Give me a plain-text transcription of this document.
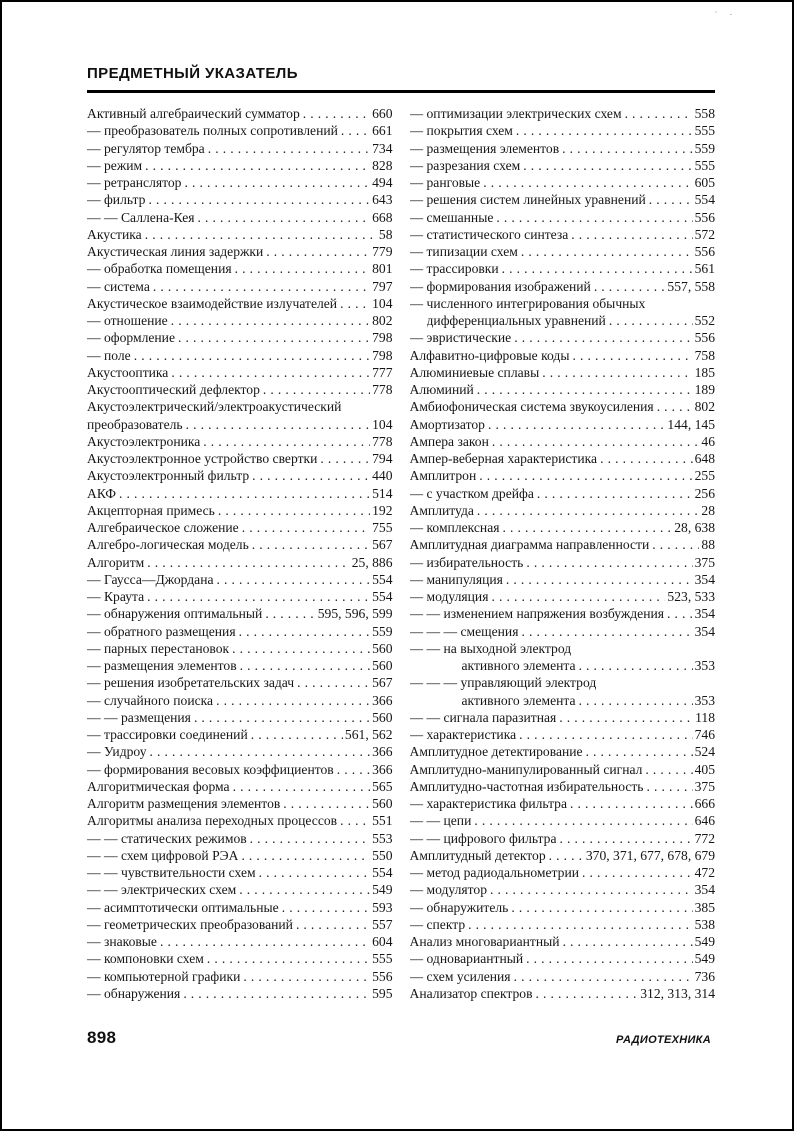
· .
ПРЕДМЕТНЫЙ УКАЗАТЕЛЬ
Активный алгебраический сумматор .....	660
— преобразователь полных сопротивлений .....	661
— регулятор тембра .....	734
— режим .....	828
— ретранслятор .....	494
— фильтр .....	643
— — Саллена-Кея .....	668
Акустика .....	58
Акустическая линия задержки .....	779
— обработка помещения .....	801
— система .....	797
Акустическое взаимодействие излучателей .....	104
— отношение .....	802
— оформление .....	798
— поле .....	798
Акустооптика .....	777
Акустооптический дефлектор .....	778
Акустоэлектрический/электроакустический
преобразователь .....	104
Акустоэлектроника .....	778
Акустоэлектронное устройство свертки .....	794
Акустоэлектронный фильтр .....	440
АКФ .....	514
Акцепторная примесь .....	192
Алгебраическое сложение .....	755
Алгебро-логическая модель .....	567
Алгоритм .....	25, 886
— Гаусса—Джордана .....	554
— Краута .....	554
— обнаружения оптимальный .....	595, 596, 599
— обратного размещения .....	559
— парных перестановок .....	560
— размещения элементов .....	560
— решения изобретательских задач .....	567
— случайного поиска .....	366
— — размещения .....	560
— трассировки соединений .....	561, 562
— Уидроу .....	366
— формирования весовых коэффициентов .....	366
Алгоритмическая форма .....	565
Алгоритм размещения элементов .....	560
Алгоритмы анализа переходных процессов .....	551
— — статических режимов .....	553
— — схем цифровой РЭА .....	550
— — чувствительности схем .....	554
— — электрических схем .....	549
— асимптотически оптимальные .....	593
— геометрических преобразований .....	557
— знаковые .....	604
— компоновки схем .....	555
— компьютерной графики .....	556
— обнаружения .....	595
— оптимизации электрических схем .....	558
— покрытия схем .....	555
— размещения элементов .....	559
— разрезания схем .....	555
— ранговые .....	605
— решения систем линейных уравнений .....	554
— смешанные .....	556
— статистического синтеза .....	572
— типизации схем .....	556
— трассировки .....	561
— формирования изображений .....	557, 558
— численного интегрирования обычных
дифференциальных уравнений .....	552
— эвристические .....	556
Алфавитно-цифровые коды .....	758
Алюминиевые сплавы .....	185
Алюминий .....	189
Амбиофоническая система звукоусиления .....	802
Амортизатор .....	144, 145
Ампера закон .....	46
Ампер-веберная характеристика .....	648
Амплитрон .....	255
— с участком дрейфа .....	256
Амплитуда .....	28
— комплексная .....	28, 638
Амплитудная диаграмма направленности .....	88
— избирательность .....	375
— манипуляция .....	354
— модуляция .....	523, 533
— — изменением напряжения возбуждения ..... 354
— — — смещения .....	354
— — на выходной электрод
активного элемента .....	353
— — — управляющий электрод
активного элемента .....	353
— — сигнала паразитная .....	118
— характеристика .....	746
Амплитудное детектирование .....	524
Амплитудно-манипулированный сигнал .....	405
Амплитудно-частотная избирательность .....	375
— характеристика фильтра .....	666
— — цепи .....	646
— — цифрового фильтра .....	772
Амплитудный детектор .....	370, 371, 677, 678, 679
— метод радиодальнометрии .....	472
— модулятор .....	354
— обнаружитель .....	385
— спектр .....	538
Анализ многовариантный .....	549
— одновариантный .....	549
— схем усиления .....	736
Анализатор спектров .....	312, 313, 314
898	РАДИОТЕХНИКА
